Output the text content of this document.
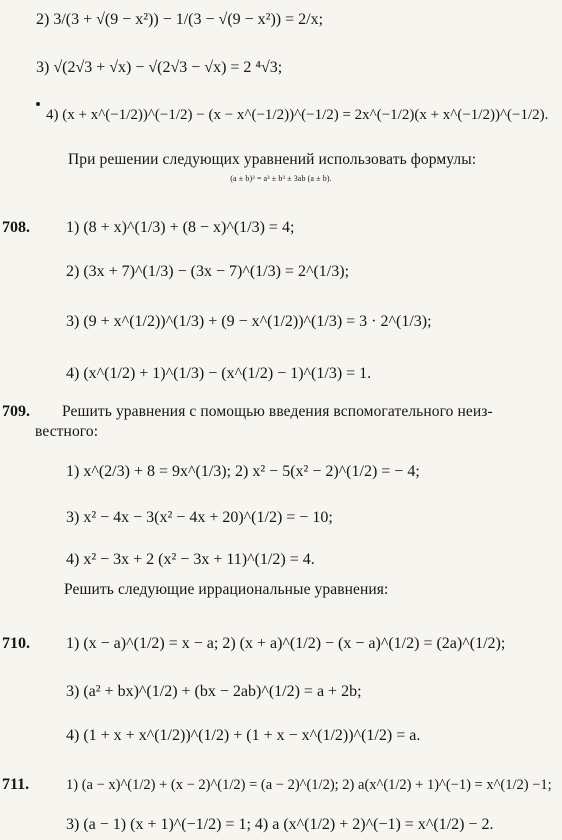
2) 3/(3 + √(9 − x²)) − 1/(3 − √(9 − x²)) = 2/x;
3) √(2√3 + √x) − √(2√3 − √x) = 2 ⁴√3;
4) (x + x^(−1/2))^(−1/2) − (x − x^(−1/2))^(−1/2) = 2x^(−1/2)(x + x^(−1/2))^(−1/2).
При решении следующих уравнений использовать формулы:
(a ± b)³ = a³ ± b³ ± 3ab (a ± b).
708. 1) (8 + x)^(1/3) + (8 − x)^(1/3) = 4;
2) (3x + 7)^(1/3) − (3x − 7)^(1/3) = 2^(1/3);
3) (9 + x^(1/2))^(1/3) + (9 − x^(1/2))^(1/3) = 3 · 2^(1/3);
4) (x^(1/2) + 1)^(1/3) − (x^(1/2) − 1)^(1/3) = 1.
709. Решить уравнения с помощью введения вспомогательного неиз-
вестного:
1) x^(2/3) + 8 = 9x^(1/3); 2) x² − 5(x² − 2)^(1/2) = − 4;
3) x² − 4x − 3(x² − 4x + 20)^(1/2) = − 10;
4) x² − 3x + 2 (x² − 3x + 11)^(1/2) = 4.
Решить следующие иррациональные уравнения:
710. 1) (x − a)^(1/2) = x − a; 2) (x + a)^(1/2) − (x − a)^(1/2) = (2a)^(1/2);
3) (a² + bx)^(1/2) + (bx − 2ab)^(1/2) = a + 2b;
4) (1 + x + x^(1/2))^(1/2) + (1 + x − x^(1/2))^(1/2) = a.
711.	1) (a − x)^(1/2) + (x − 2)^(1/2) = (a − 2)^(1/2); 2) a(x^(1/2) + 1)^(−1) = x^(1/2) −1;
3) (a − 1) (x + 1)^(−1/2) = 1; 4) a (x^(1/2) + 2)^(−1) = x^(1/2) − 2.
